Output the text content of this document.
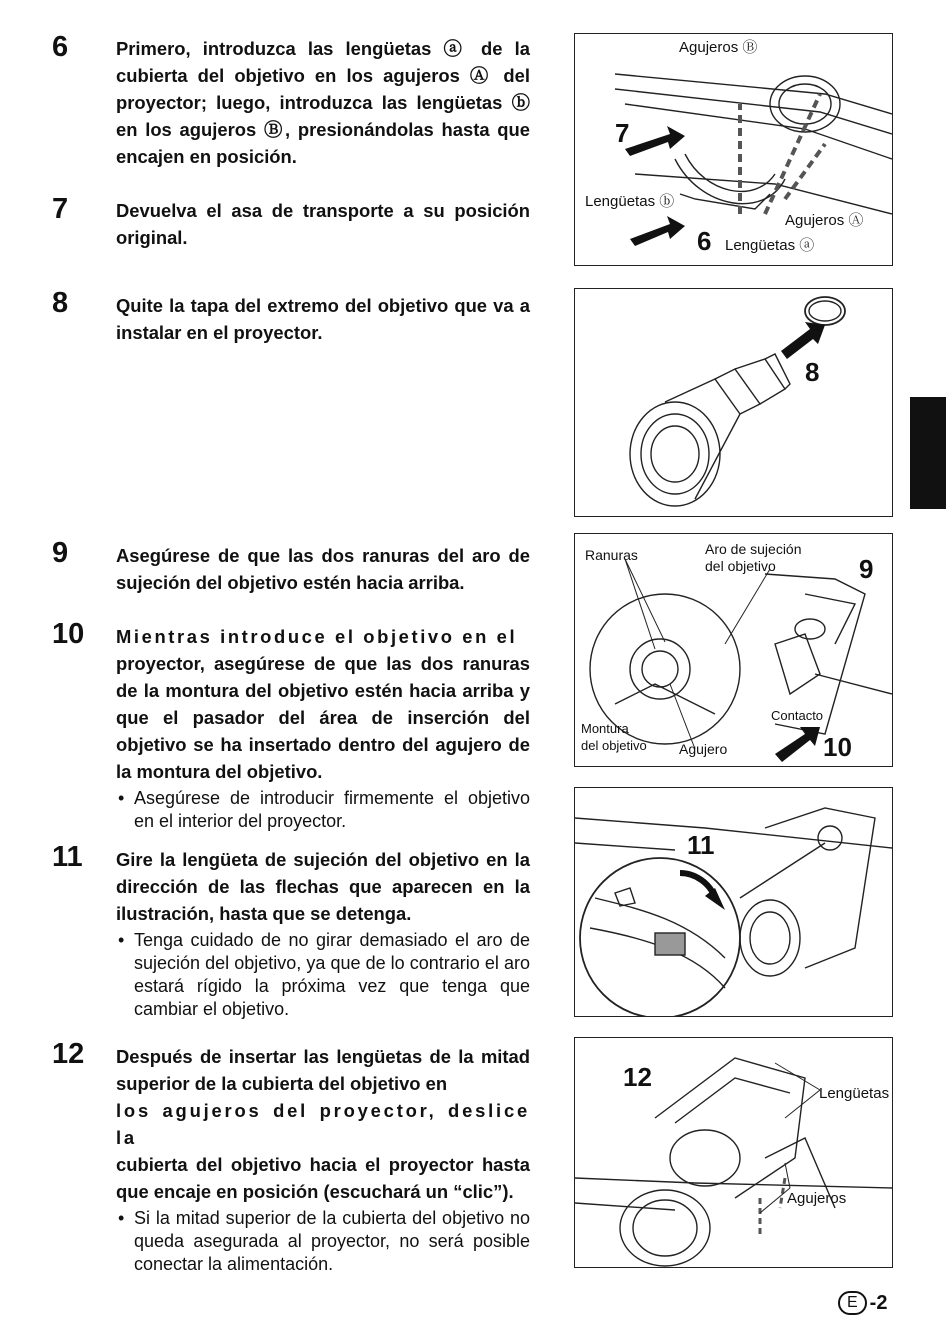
6	Primero, introduzca las lengüetas ⓐ de la cubierta del objetivo en los agujeros Ⓐ del proyector; luego, introduzca las lengüetas ⓑ en los agujeros Ⓑ, presionándolas hasta que encajen en posición.

7	Devuelva el asa de transporte a su posición original.

8	Quite la tapa del extremo del objetivo que va a instalar en el proyector.

9	Asegúrese de que las dos ranuras del aro de sujeción del objetivo estén hacia arriba.

10 Mientras introduce el objetivo en el

proyector, asegúrese de que las dos ranuras de la montura del objetivo estén hacia arriba y que el pasador del área de inserción del objetivo se ha insertado dentro del agujero de la montura del objetivo.

• Asegúrese de introducir firmemente el objetivo en el interior del proyector.
11 Gire la lengüeta de sujeción del objetivo en la dirección de las flechas que aparecen en la ilustración, hasta que se detenga.

• Tenga cuidado de no girar demasiado el aro de sujeción del objetivo, ya que de lo contrario el aro estará rígido la próxima vez que tenga que cambiar el objetivo.
12 Después de insertar las lengüetas de la mitad superior de la cubierta del objetivo en

los agujeros del proyector, deslice la

cubierta del objetivo hacia el proyector hasta que encaje en posición (escuchará un “clic”).

• Si la mitad superior de la cubierta del objetivo no queda asegurada al proyector, no será posible conectar la alimentación.
Agujeros Ⓑ
Lengüetas ⓑ
Agujeros Ⓐ
Lengüetas ⓐ
7
6
8
Ranuras	Aro de sujeción
del objetivo
Montura
del objetivo Agujero
Contacto
9
10
11
12
Lengüetas
Agujeros
E -2
